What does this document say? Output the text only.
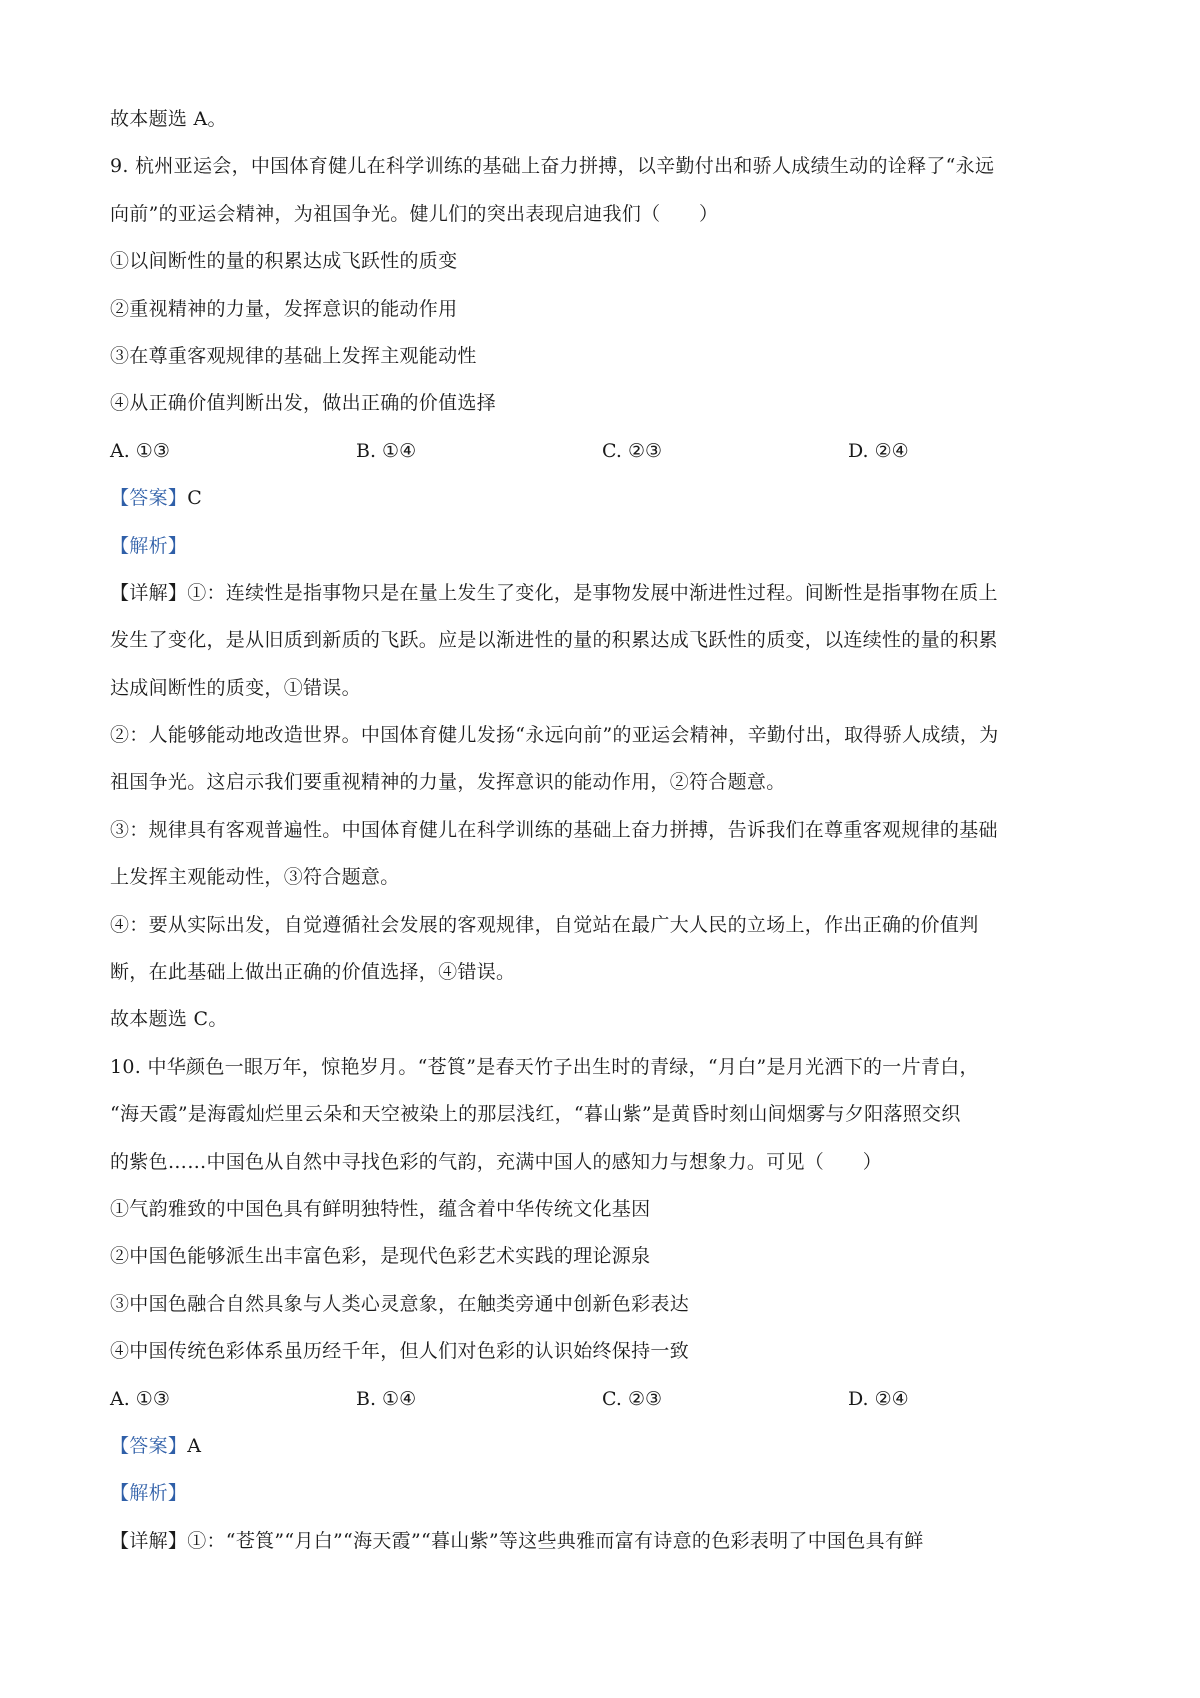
故本题选 A。
9. 杭州亚运会，中国体育健儿在科学训练的基础上奋力拼搏，以辛勤付出和骄人成绩生动的诠释了“永远
向前”的亚运会精神，为祖国争光。健儿们的突出表现启迪我们（　　）
①以间断性的量的积累达成飞跃性的质变
②重视精神的力量，发挥意识的能动作用
③在尊重客观规律的基础上发挥主观能动性
④从正确价值判断出发，做出正确的价值选择
A. ①③	B. ①④	C. ②③	D. ②④
【答案】C
【解析】
【详解】①：连续性是指事物只是在量上发生了变化，是事物发展中渐进性过程。间断性是指事物在质上
发生了变化，是从旧质到新质的飞跃。应是以渐进性的量的积累达成飞跃性的质变，以连续性的量的积累
达成间断性的质变，①错误。
②：人能够能动地改造世界。中国体育健儿发扬“永远向前”的亚运会精神，辛勤付出，取得骄人成绩，为
祖国争光。这启示我们要重视精神的力量，发挥意识的能动作用，②符合题意。
③：规律具有客观普遍性。中国体育健儿在科学训练的基础上奋力拼搏，告诉我们在尊重客观规律的基础
上发挥主观能动性，③符合题意。
④：要从实际出发，自觉遵循社会发展的客观规律，自觉站在最广大人民的立场上，作出正确的价值判
断，在此基础上做出正确的价值选择，④错误。
故本题选 C。
10. 中华颜色一眼万年，惊艳岁月。“苍筤”是春天竹子出生时的青绿，“月白”是月光洒下的一片青白，
“海天霞”是海霞灿烂里云朵和天空被染上的那层浅红，“暮山紫”是黄昏时刻山间烟雾与夕阳落照交织
的紫色……中国色从自然中寻找色彩的气韵，充满中国人的感知力与想象力。可见（　　）
①气韵雅致的中国色具有鲜明独特性，蕴含着中华传统文化基因
②中国色能够派生出丰富色彩，是现代色彩艺术实践的理论源泉
③中国色融合自然具象与人类心灵意象，在触类旁通中创新色彩表达
④中国传统色彩体系虽历经千年，但人们对色彩的认识始终保持一致
A. ①③	B. ①④	C. ②③	D. ②④
【答案】A
【解析】
【详解】①：“苍筤”“月白”“海天霞”“暮山紫”等这些典雅而富有诗意的色彩表明了中国色具有鲜
